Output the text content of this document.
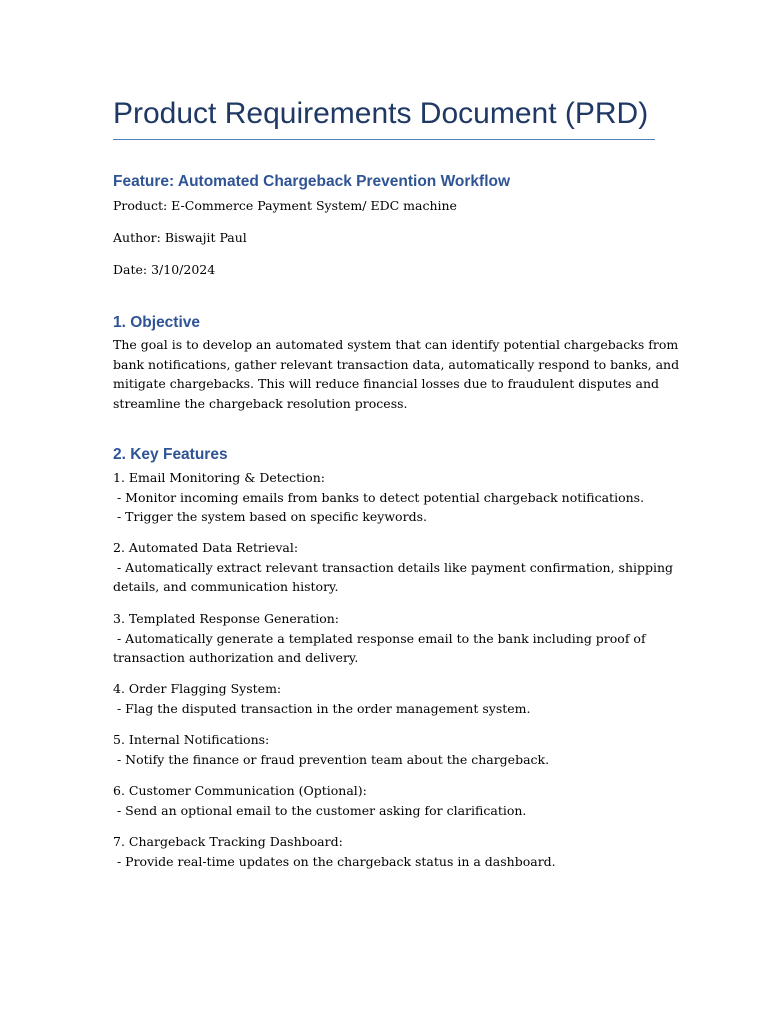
Product Requirements Document (PRD)
Feature: Automated Chargeback Prevention Workflow
Product: E-Commerce Payment System/ EDC machine
Author: Biswajit Paul
Date: 3/10/2024
1. Objective
The goal is to develop an automated system that can identify potential chargebacks from
bank notifications, gather relevant transaction data, automatically respond to banks, and
mitigate chargebacks. This will reduce financial losses due to fraudulent disputes and
streamline the chargeback resolution process.
2. Key Features
1. Email Monitoring & Detection:
- Monitor incoming emails from banks to detect potential chargeback notifications.
- Trigger the system based on specific keywords.
2. Automated Data Retrieval:
- Automatically extract relevant transaction details like payment confirmation, shipping
details, and communication history.
3. Templated Response Generation:
- Automatically generate a templated response email to the bank including proof of
transaction authorization and delivery.
4. Order Flagging System:
- Flag the disputed transaction in the order management system.
5. Internal Notifications:
- Notify the finance or fraud prevention team about the chargeback.
6. Customer Communication (Optional):
- Send an optional email to the customer asking for clarification.
7. Chargeback Tracking Dashboard:
- Provide real-time updates on the chargeback status in a dashboard.
